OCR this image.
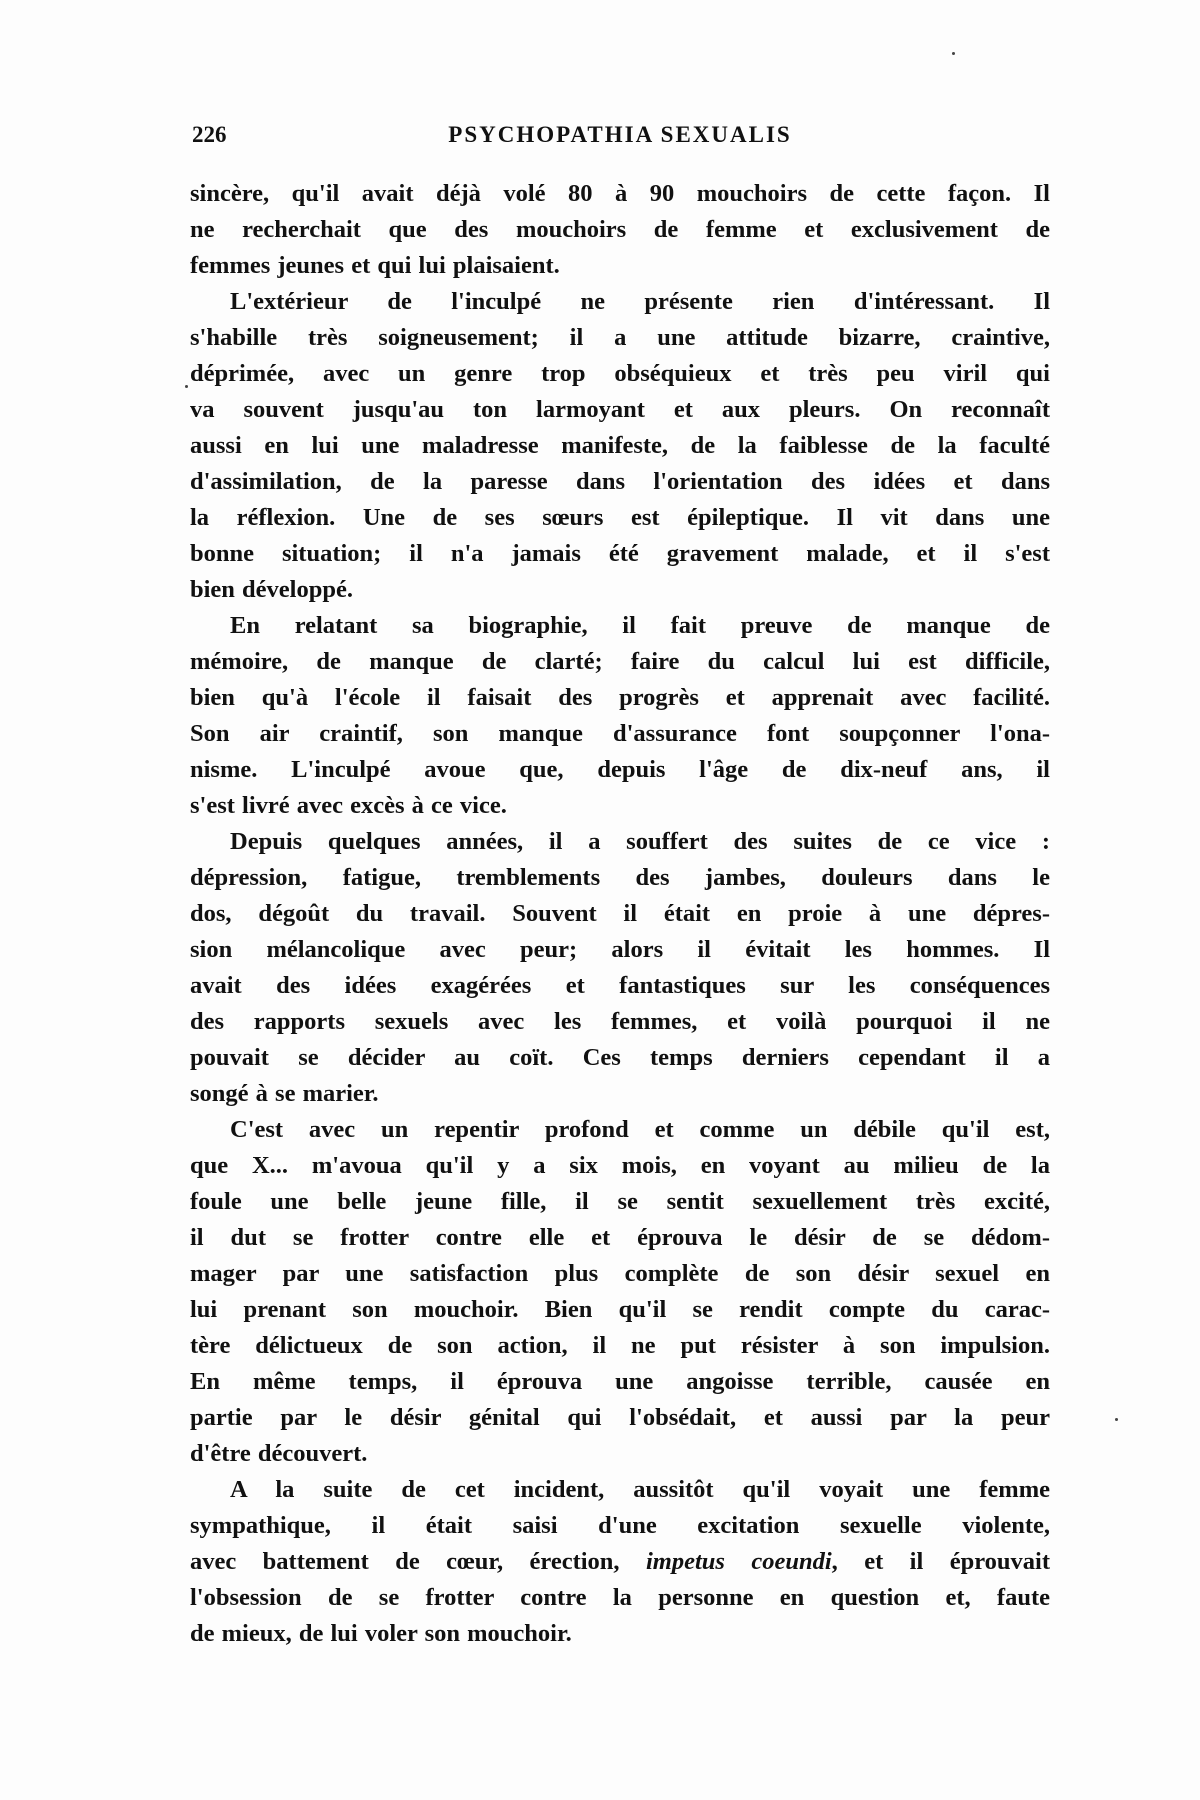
226	PSYCHOPATHIA SEXUALIS
sincère, qu'il avait déjà volé 80 à 90 mouchoirs de cette façon. Il
ne recherchait que des mouchoirs de femme et exclusivement de
femmes jeunes et qui lui plaisaient.
L'extérieur de l'inculpé ne présente rien d'intéressant. Il
s'habille très soigneusement; il a une attitude bizarre, craintive,
déprimée, avec un genre trop obséquieux et très peu viril qui
va souvent jusqu'au ton larmoyant et aux pleurs. On reconnaît
aussi en lui une maladresse manifeste, de la faiblesse de la faculté
d'assimilation, de la paresse dans l'orientation des idées et dans
la réflexion. Une de ses sœurs est épileptique. Il vit dans une
bonne situation; il n'a jamais été gravement malade, et il s'est
bien développé.
En relatant sa biographie, il fait preuve de manque de
mémoire, de manque de clarté; faire du calcul lui est difficile,
bien qu'à l'école il faisait des progrès et apprenait avec facilité.
Son air craintif, son manque d'assurance font soupçonner l'ona-
nisme. L'inculpé avoue que, depuis l'âge de dix-neuf ans, il
s'est livré avec excès à ce vice.
Depuis quelques années, il a souffert des suites de ce vice :
dépression, fatigue, tremblements des jambes, douleurs dans le
dos, dégoût du travail. Souvent il était en proie à une dépres-
sion mélancolique avec peur; alors il évitait les hommes. Il
avait des idées exagérées et fantastiques sur les conséquences
des rapports sexuels avec les femmes, et voilà pourquoi il ne
pouvait se décider au coït. Ces temps derniers cependant il a
songé à se marier.
C'est avec un repentir profond et comme un débile qu'il est,
que X... m'avoua qu'il y a six mois, en voyant au milieu de la
foule une belle jeune fille, il se sentit sexuellement très excité,
il dut se frotter contre elle et éprouva le désir de se dédom-
mager par une satisfaction plus complète de son désir sexuel en
lui prenant son mouchoir. Bien qu'il se rendit compte du carac-
tère délictueux de son action, il ne put résister à son impulsion.
En même temps, il éprouva une angoisse terrible, causée en
partie par le désir génital qui l'obsédait, et aussi par la peur
d'être découvert.
A la suite de cet incident, aussitôt qu'il voyait une femme
sympathique, il était saisi d'une excitation sexuelle violente,
avec battement de cœur, érection, impetus coeundi, et il éprouvait
l'obsession de se frotter contre la personne en question et, faute
de mieux, de lui voler son mouchoir.
